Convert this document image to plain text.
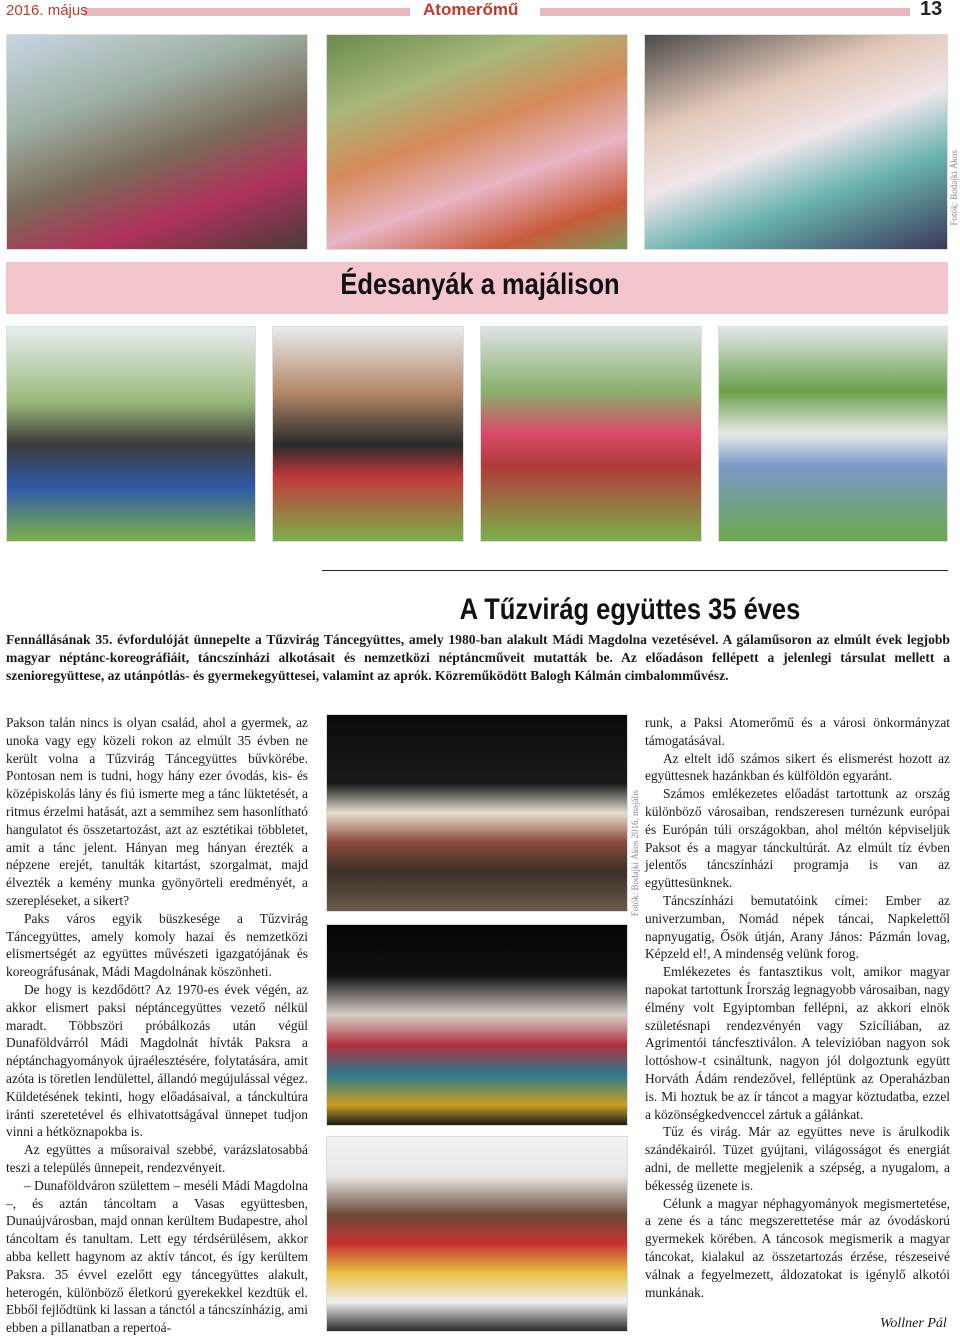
2016. május	Atomerőmű	13
Fotók: Bodajki Ákos
Édesanyák a majálison
A Tűzvirág együttes 35 éves
Fennállásának 35. évfordulóját ünnepelte a Tűzvirág Táncegyüttes, amely 1980-ban alakult Mádi Magdolna vezetésével. A gálaműsoron az elmúlt évek legjobb magyar néptánc-koreográfiáit, táncszínházi alkotásait és nemzetközi néptáncműveit mutatták be. Az előadáson fellépett a jelenlegi társulat mellett a szenioregyüttese, az utánpótlás- és gyermekegyüttesei, valamint az aprók. Közreműködött Balogh Kálmán cimbalomművész.

Pakson talán nincs is olyan család, ahol a gyermek, az unoka vagy egy közeli rokon az elmúlt 35 évben ne került volna a Tűzvirág Táncegyüttes bűvkörébe. Pontosan nem is tudni, hogy hány ezer óvodás, kis- és középiskolás lány és fiú ismerte meg a tánc lüktetését, a ritmus érzelmi hatását, azt a semmihez sem hasonlítható hangulatot és összetartozást, azt az esztétikai többletet, amit a tánc jelent. Hányan meg hányan érezték a népzene erejét, tanulták kitartást, szorgalmat, majd élvezték a kemény munka gyönyörteli eredményét, a szerepléseket, a sikert?

Paks város egyik büszkesége a Tűzvirág Táncegyüttes, amely komoly hazai és nemzetközi elismertségét az együttes művészeti igazgatójának és koreográfusának, Mádi Magdolnának köszönheti.

De hogy is kezdődött? Az 1970-es évek végén, az akkor elismert paksi néptáncegyüttes vezető nélkül maradt. Többszöri próbálkozás után végül Dunaföldvárról Mádi Magdolnát hívták Paksra a néptánchagyományok újraélesztésére, folytatására, amit azóta is töretlen lendülettel, állandó megújulással végez. Küldetésének tekinti, hogy előadásaival, a tánckultúra iránti szeretetével és elhivatottságával ünnepet tudjon vinni a hétköznapokba is.

Az együttes a műsoraival szebbé, varázslatosabbá teszi a település ünnepeit, rendezvényeit.

– Dunaföldváron születtem – meséli Mádi Magdolna –, és aztán táncoltam a Vasas együttesben, Dunaújvárosban, majd onnan kerültem Budapestre, ahol táncoltam és tanultam. Lett egy térdsérülésem, akkor abba kellett hagynom az aktív táncot, és így kerültem Paksra. 35 évvel ezelőtt egy táncegyüttes alakult, heterogén, különböző életkorú gyerekekkel kezdtük el. Ebből fejlődtünk ki lassan a tánctól a táncszínházig, ami ebben a pillanatban a repertoá-

Fotók: Bodajki Ákos 2016. majális

runk, a Paksi Atomerőmű és a városi önkormányzat támogatásával.

Az eltelt idő számos sikert és elismerést hozott az együttesnek hazánkban és külföldön egyaránt.

Számos emlékezetes előadást tartottunk az ország különböző városaiban, rendszeresen turnézunk európai és Európán túli országokban, ahol méltón képviseljük Paksot és a magyar tánckultúrát. Az elmúlt tíz évben jelentős táncszínházi programja is van az együttesünknek.

Táncszínházi bemutatóink címei: Ember az univerzumban, Nomád népek táncai, Napkelettől napnyugatig, Ősök útján, Arany János: Pázmán lovag, Képzeld el!, A mindenség velünk forog.

Emlékezetes és fantasztikus volt, amikor magyar napokat tartottunk Írország legnagyobb városaiban, nagy élmény volt Egyiptomban fellépni, az akkori elnök születésnapi rendezvényén vagy Szicíliában, az Agrimentói táncfesztiválon. A televízióban nagyon sok lottóshow-t csináltunk, nagyon jól dolgoztunk együtt Horváth Ádám rendezővel, felléptünk az Operaházban is. Mi hoztuk be az ír táncot a magyar köztudatba, ezzel a közönségkedvenccel zártuk a gálánkat.

Tűz és virág. Már az együttes neve is árulkodik szándékairól. Tüzet gyújtani, világosságot és energiát adni, de mellette megjelenik a szépség, a nyugalom, a békesség üzenete is.

Célunk a magyar néphagyományok megismertetése, a zene és a tánc megszerettetése már az óvodáskorú gyermekek körében. A táncosok megismerik a magyar táncokat, kialakul az összetartozás érzése, részeseivé válnak a fegyelmezett, áldozatokat is igénylő alkotói munkának.

Wollner Pál
